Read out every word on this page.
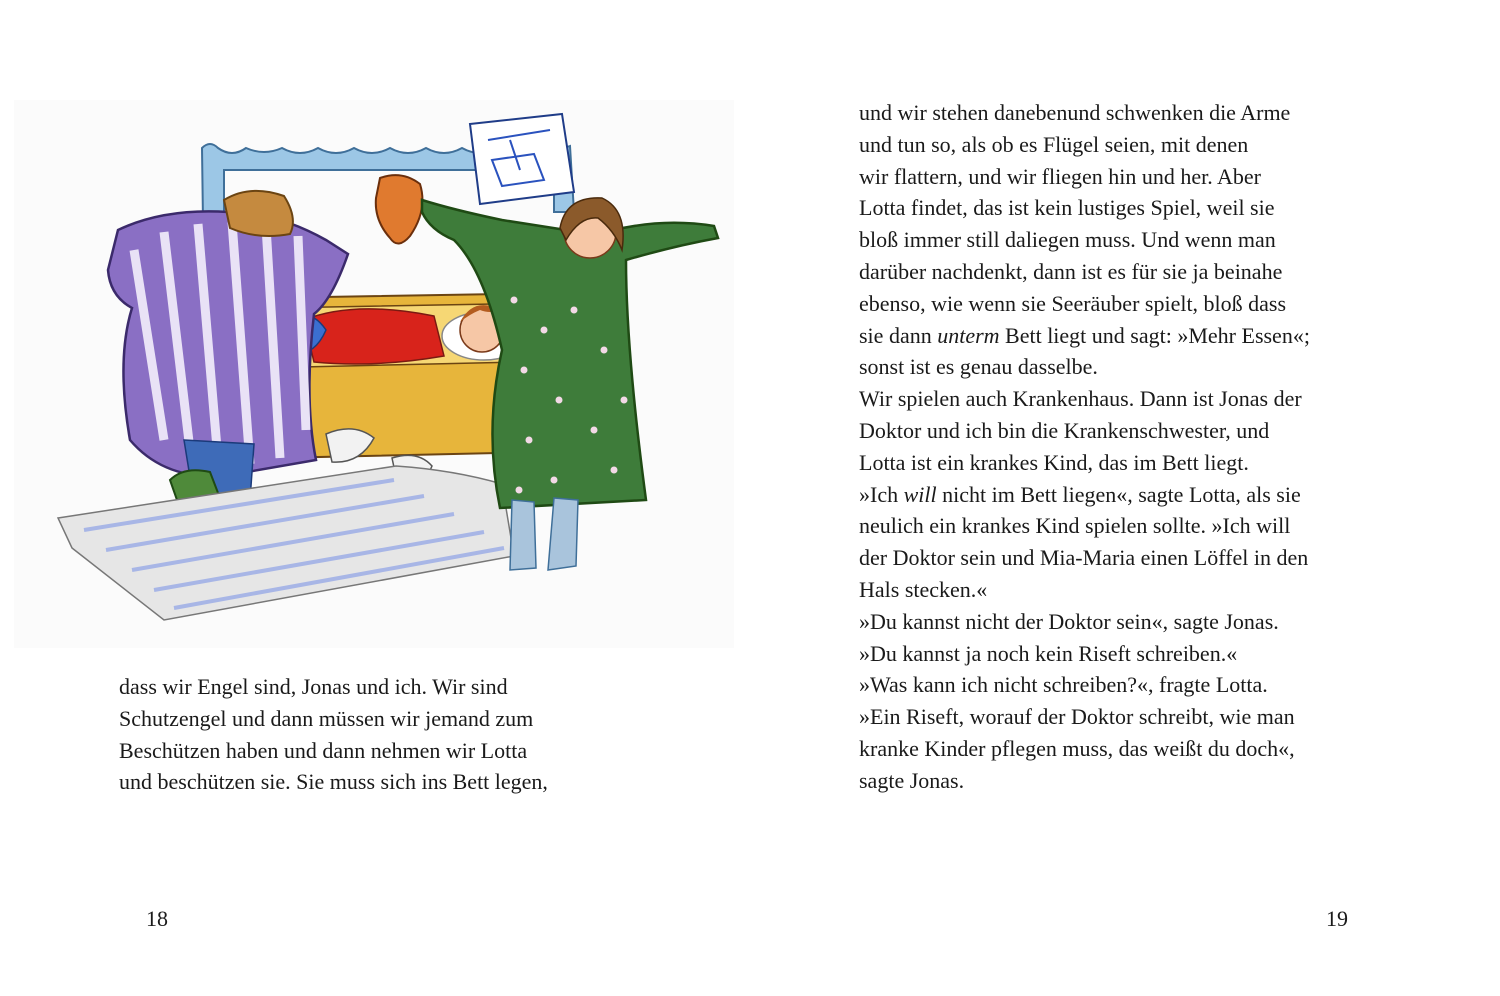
dass wir Engel sind, Jonas und ich. Wir sind
Schutzengel und dann müssen wir jemand zum
Beschützen haben und dann nehmen wir Lotta
und beschützen sie. Sie muss sich ins Bett legen,
und wir stehen danebenund schwenken die Arme
und tun so, als ob es Flügel seien, mit denen
wir flattern, und wir fliegen hin und her. Aber
Lotta findet, das ist kein lustiges Spiel, weil sie
bloß immer still daliegen muss. Und wenn man
darüber nachdenkt, dann ist es für sie ja beinahe
ebenso, wie wenn sie Seeräuber spielt, bloß dass
sie dann unterm Bett liegt und sagt: »Mehr Essen«;
sonst ist es genau dasselbe.
Wir spielen auch Krankenhaus. Dann ist Jonas der
Doktor und ich bin die Krankenschwester, und
Lotta ist ein krankes Kind, das im Bett liegt.
»Ich will nicht im Bett liegen«, sagte Lotta, als sie
neulich ein krankes Kind spielen sollte. »Ich will
der Doktor sein und Mia-Maria einen Löffel in den
Hals stecken.«
»Du kannst nicht der Doktor sein«, sagte Jonas.
»Du kannst ja noch kein Riseft schreiben.«
»Was kann ich nicht schreiben?«, fragte Lotta.
»Ein Riseft, worauf der Doktor schreibt, wie man
kranke Kinder pflegen muss, das weißt du doch«,
sagte Jonas.
18	19
